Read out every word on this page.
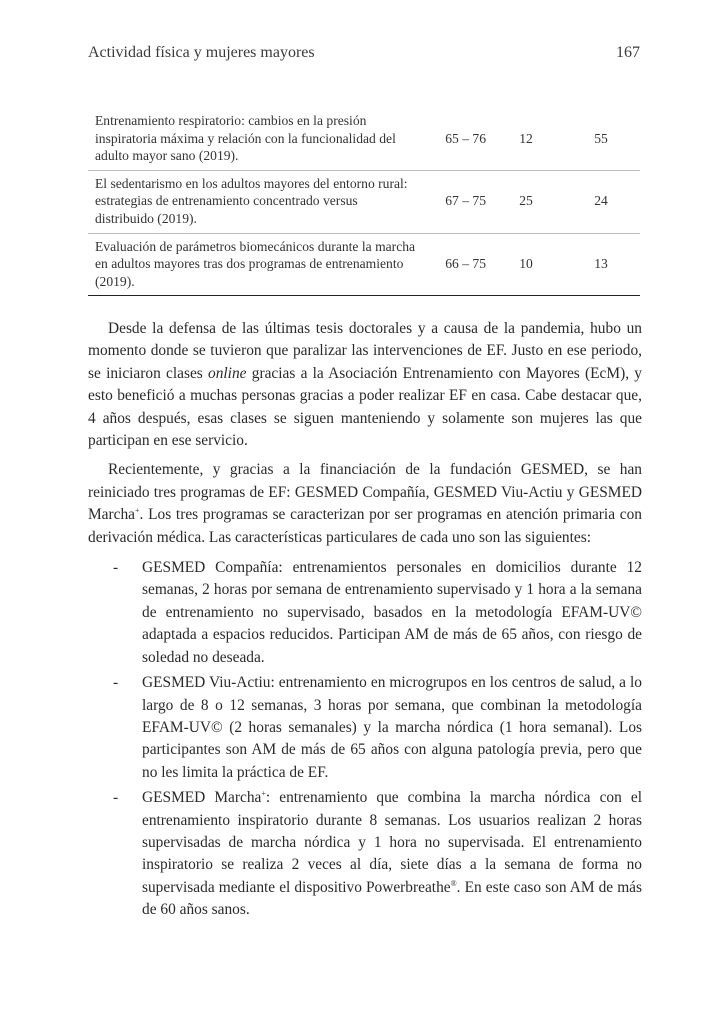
Actividad física y mujeres mayores	167
Entrenamiento respiratorio: cambios en la presión inspiratoria máxima y relación con la funcionalidad del adulto mayor sano (2019).
65 – 76	12	55
El sedentarismo en los adultos mayores del entorno rural: estrategias de entrenamiento concentrado versus distribuido (2019).
67 – 75	25	24
Evaluación de parámetros biomecánicos durante la marcha en adultos mayores tras dos programas de entrenamiento (2019).
66 – 75	10	13

Desde la defensa de las últimas tesis doctorales y a causa de la pandemia, hubo un momento donde se tuvieron que paralizar las intervenciones de EF. Justo en ese periodo, se iniciaron clases online gracias a la Asociación Entrenamiento con Mayores (EcM), y esto benefició a muchas personas gracias a poder realizar EF en casa. Cabe destacar que, 4 años después, esas clases se siguen manteniendo y solamente son mujeres las que participan en ese servicio.

Recientemente, y gracias a la financiación de la fundación GESMED, se han reiniciado tres programas de EF: GESMED Compañía, GESMED Viu-Actiu y GESMED Marcha+. Los tres programas se caracterizan por ser programas en atención primaria con derivación médica. Las características particulares de cada uno son las siguientes:

- GESMED Compañía: entrenamientos personales en domicilios durante 12 semanas, 2 horas por semana de entrenamiento supervisado y 1 hora a la semana de entrenamiento no supervisado, basados en la metodología EFAM-UV© adaptada a espacios reducidos. Participan AM de más de 65 años, con riesgo de soledad no deseada.
- GESMED Viu-Actiu: entrenamiento en microgrupos en los centros de salud, a lo largo de 8 o 12 semanas, 3 horas por semana, que combinan la metodología EFAM-UV© (2 horas semanales) y la marcha nórdica (1 hora semanal). Los participantes son AM de más de 65 años con alguna patología previa, pero que no les limita la práctica de EF.
- GESMED Marcha+: entrenamiento que combina la marcha nórdica con el entrenamiento inspiratorio durante 8 semanas. Los usuarios realizan 2 horas supervisadas de marcha nórdica y 1 hora no supervisada. El entrenamiento inspiratorio se realiza 2 veces al día, siete días a la semana de forma no supervisada mediante el dispositivo Powerbreathe®. En este caso son AM de más de 60 años sanos.
